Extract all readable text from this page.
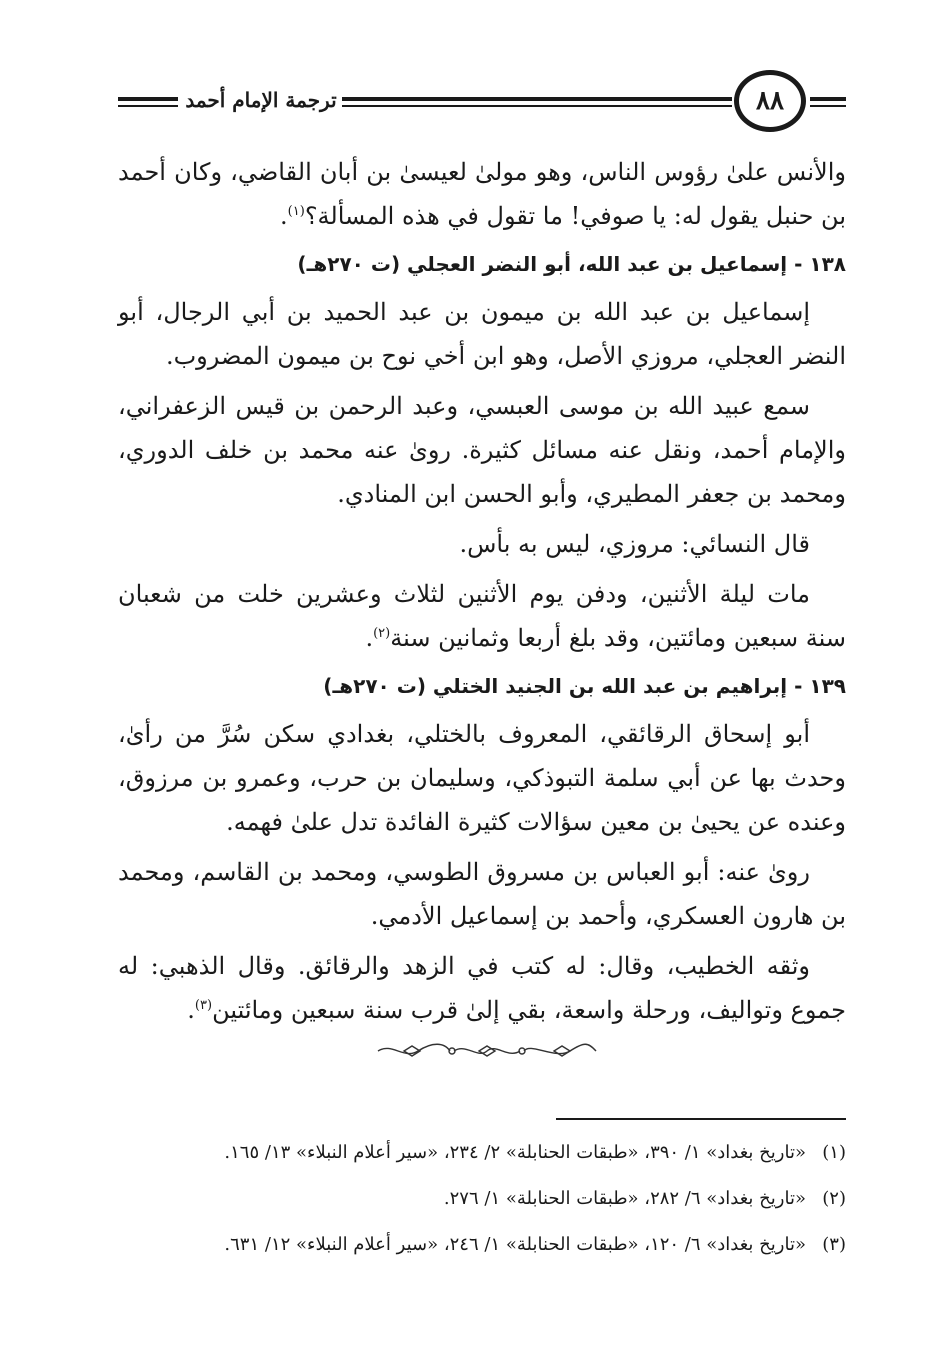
ترجمة الإمام أحمد	٨٨

والأنس علىٰ رؤوس الناس، وهو مولىٰ لعيسىٰ بن أبان القاضي، وكان أحمد بن حنبل يقول له: يا صوفي! ما تقول في هذه المسألة؟$^{(١)}$.

١٣٨ - إسماعيل بن عبد الله، أبو النضر العجلي (ت ٢٧٠هـ)

إسماعيل بن عبد الله بن ميمون بن عبد الحميد بن أبي الرجال، أبو النضر العجلي، مروزي الأصل، وهو ابن أخي نوح بن ميمون المضروب.

سمع عبيد الله بن موسى العبسي، وعبد الرحمن بن قيس الزعفراني، والإمام أحمد، ونقل عنه مسائل كثيرة. روىٰ عنه محمد بن خلف الدوري، ومحمد بن جعفر المطيري، وأبو الحسن ابن المنادي.

قال النسائي: مروزي، ليس به بأس.

مات ليلة الأثنين، ودفن يوم الأثنين لثلاث وعشرين خلت من شعبان سنة سبعين ومائتين، وقد بلغ أربعا وثمانين سنة$^{(٢)}$.

١٣٩ - إبراهيم بن عبد الله بن الجنيد الختلي (ت ٢٧٠هـ)

أبو إسحاق الرقائقي، المعروف بالختلي، بغدادي سكن سُرَّ من رأىٰ، وحدث بها عن أبي سلمة التبوذكي، وسليمان بن حرب، وعمرو بن مرزوق، وعنده عن يحيىٰ بن معين سؤالات كثيرة الفائدة تدل علىٰ فهمه.

روىٰ عنه: أبو العباس بن مسروق الطوسي، ومحمد بن القاسم، ومحمد بن هارون العسكري، وأحمد بن إسماعيل الأدمي.

وثقه الخطيب، وقال: له كتب في الزهد والرقائق. وقال الذهبي: له جموع وتواليف، ورحلة واسعة، بقي إلىٰ قرب سنة سبعين ومائتين$^{(٣)}$.

(١)
«تاريخ بغداد» ١/ ٣٩٠، «طبقات الحنابلة» ٢/ ٢٣٤، «سير أعلام النبلاء» ١٣/ ١٦٥.
(٢)
«تاريخ بغداد» ٦/ ٢٨٢، «طبقات الحنابلة» ١/ ٢٧٦.
(٣)
«تاريخ بغداد» ٦/ ١٢٠، «طبقات الحنابلة» ١/ ٢٤٦، «سير أعلام النبلاء» ١٢/ ٦٣١.
